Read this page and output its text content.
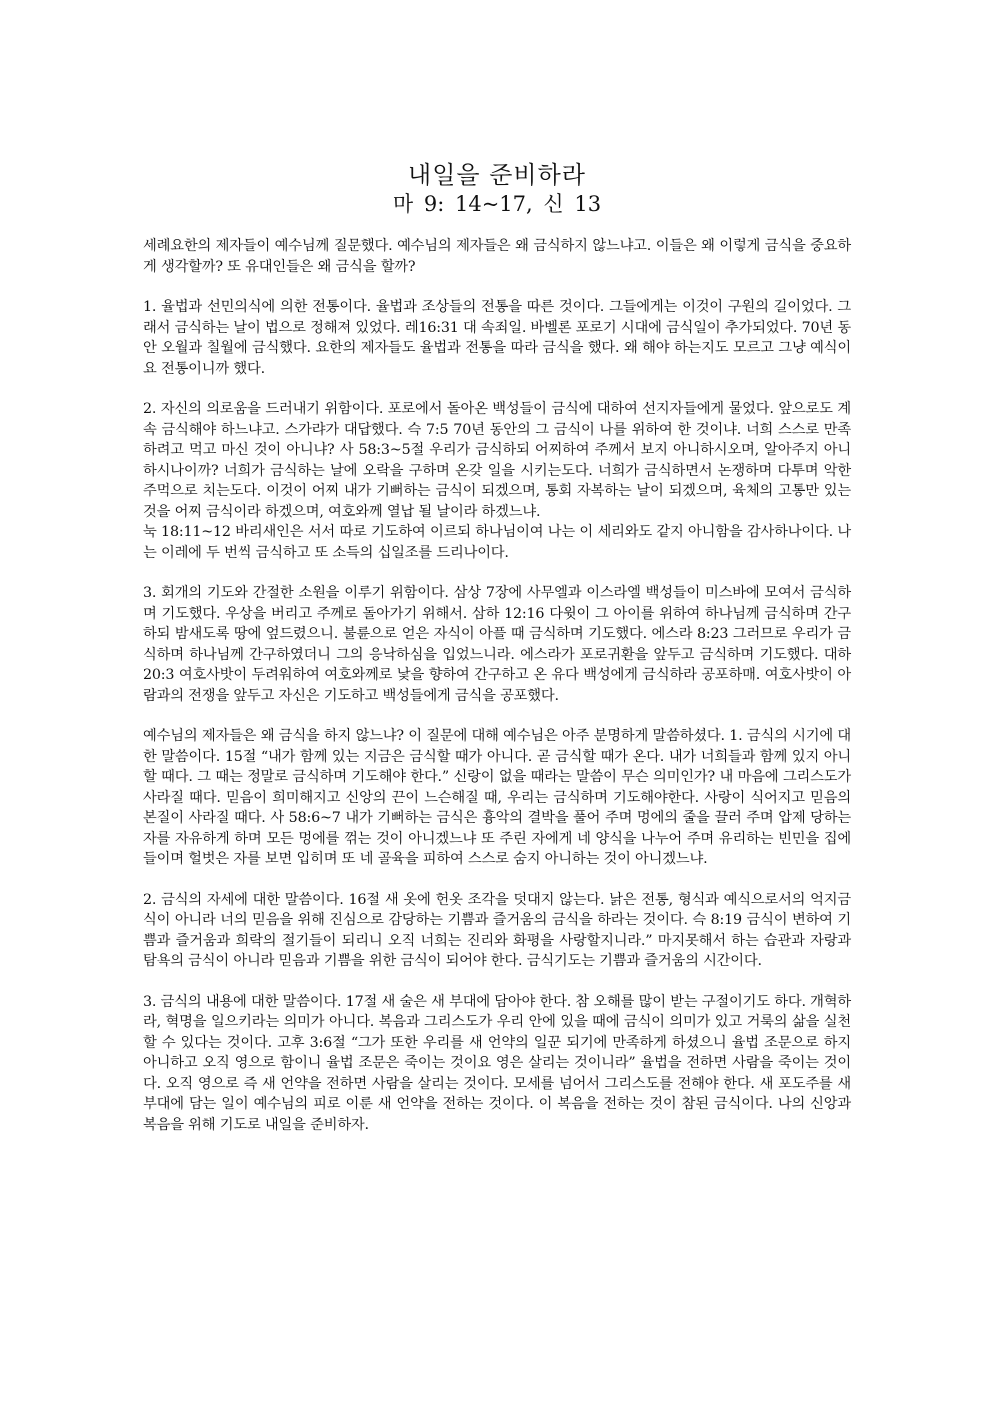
내일을 준비하라
마 9: 14~17, 신 13

세례요한의 제자들이 예수님께 질문했다. 예수님의 제자들은 왜 금식하지 않느냐고. 이들은 왜 이렇게 금식을 중요하게 생각할까? 또 유대인들은 왜 금식을 할까?

1. 율법과 선민의식에 의한 전통이다. 율법과 조상들의 전통을 따른 것이다. 그들에게는 이것이 구원의 길이었다. 그래서 금식하는 날이 법으로 정해져 있었다. 레16:31 대 속죄일. 바벨론 포로기 시대에 금식일이 추가되었다. 70년 동안 오월과 칠월에 금식했다. 요한의 제자들도 율법과 전통을 따라 금식을 했다. 왜 해야 하는지도 모르고 그냥 예식이요 전통이니까 했다.

2. 자신의 의로움을 드러내기 위함이다. 포로에서 돌아온 백성들이 금식에 대하여 선지자들에게 물었다. 앞으로도 계속 금식해야 하느냐고. 스가랴가 대답했다. 슥 7:5 70년 동안의 그 금식이 나를 위하여 한 것이냐. 너희 스스로 만족하려고 먹고 마신 것이 아니냐? 사 58:3~5절 우리가 금식하되 어찌하여 주께서 보지 아니하시오며, 알아주지 아니하시나이까? 너희가 금식하는 날에 오락을 구하며 온갖 일을 시키는도다. 너희가 금식하면서 논쟁하며 다투며 악한 주먹으로 치는도다. 이것이 어찌 내가 기뻐하는 금식이 되겠으며, 통회 자복하는 날이 되겠으며, 육체의 고통만 있는 것을 어찌 금식이라 하겠으며, 여호와께 열납 될 날이라 하겠느냐.

눅 18:11~12 바리새인은 서서 따로 기도하여 이르되 하나님이여 나는 이 세리와도 같지 아니함을 감사하나이다. 나는 이레에 두 번씩 금식하고 또 소득의 십일조를 드리나이다.

3. 회개의 기도와 간절한 소원을 이루기 위함이다. 삼상 7장에 사무엘과 이스라엘 백성들이 미스바에 모여서 금식하며 기도했다. 우상을 버리고 주께로 돌아가기 위해서. 삼하 12:16 다윗이 그 아이를 위하여 하나님께 금식하며 간구하되 밤새도록 땅에 엎드렸으니. 불륜으로 얻은 자식이 아플 때 금식하며 기도했다. 에스라 8:23 그러므로 우리가 금식하며 하나님께 간구하였더니 그의 응낙하심을 입었느니라. 에스라가 포로귀환을 앞두고 금식하며 기도했다. 대하 20:3 여호사밧이 두려워하여 여호와께로 낯을 향하여 간구하고 온 유다 백성에게 금식하라 공포하매. 여호사밧이 아람과의 전쟁을 앞두고 자신은 기도하고 백성들에게 금식을 공포했다.

예수님의 제자들은 왜 금식을 하지 않느냐? 이 질문에 대해 예수님은 아주 분명하게 말씀하셨다. 1. 금식의 시기에 대한 말씀이다. 15절 “내가 함께 있는 지금은 금식할 때가 아니다. 곧 금식할 때가 온다. 내가 너희들과 함께 있지 아니할 때다. 그 때는 정말로 금식하며 기도해야 한다.” 신랑이 없을 때라는 말씀이 무슨 의미인가? 내 마음에 그리스도가 사라질 때다. 믿음이 희미해지고 신앙의 끈이 느슨해질 때, 우리는 금식하며 기도해야한다. 사랑이 식어지고 믿음의 본질이 사라질 때다. 사 58:6~7 내가 기뻐하는 금식은 흉악의 결박을 풀어 주며 멍에의 줄을 끌러 주며 압제 당하는 자를 자유하게 하며 모든 멍에를 꺾는 것이 아니겠느냐 또 주린 자에게 네 양식을 나누어 주며 유리하는 빈민을 집에 들이며 헐벗은 자를 보면 입히며 또 네 골육을 피하여 스스로 숨지 아니하는 것이 아니겠느냐.

2. 금식의 자세에 대한 말씀이다. 16절 새 옷에 헌옷 조각을 덧대지 않는다. 낡은 전통, 형식과 예식으로서의 억지금식이 아니라 너의 믿음을 위해 진심으로 감당하는 기쁨과 즐거움의 금식을 하라는 것이다. 슥 8:19 금식이 변하여 기쁨과 즐거움과 희락의 절기들이 되리니 오직 너희는 진리와 화평을 사랑할지니라.” 마지못해서 하는 습관과 자랑과 탐욕의 금식이 아니라 믿음과 기쁨을 위한 금식이 되어야 한다. 금식기도는 기쁨과 즐거움의 시간이다.

3. 금식의 내용에 대한 말씀이다. 17절 새 술은 새 부대에 담아야 한다. 참 오해를 많이 받는 구절이기도 하다. 개혁하라, 혁명을 일으키라는 의미가 아니다. 복음과 그리스도가 우리 안에 있을 때에 금식이 의미가 있고 거룩의 삶을 실천할 수 있다는 것이다. 고후 3:6절 “그가 또한 우리를 새 언약의 일꾼 되기에 만족하게 하셨으니 율법 조문으로 하지 아니하고 오직 영으로 함이니 율법 조문은 죽이는 것이요 영은 살리는 것이니라” 율법을 전하면 사람을 죽이는 것이다. 오직 영으로 즉 새 언약을 전하면 사람을 살리는 것이다. 모세를 넘어서 그리스도를 전해야 한다. 새 포도주를 새 부대에 담는 일이 예수님의 피로 이룬 새 언약을 전하는 것이다. 이 복음을 전하는 것이 참된 금식이다. 나의 신앙과 복음을 위해 기도로 내일을 준비하자.
